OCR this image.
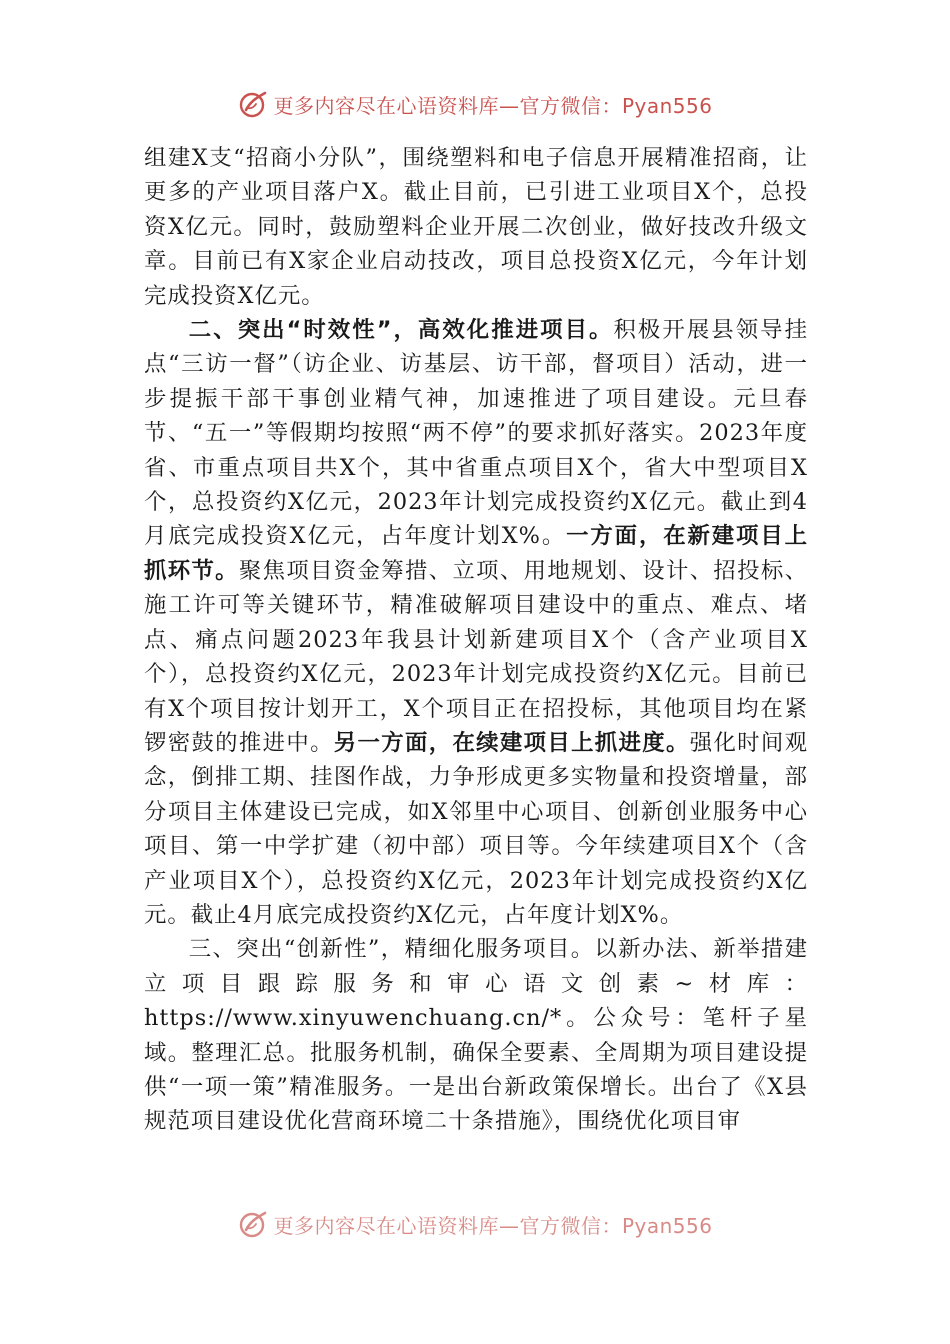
更多内容尽在心语资料库—官方微信：Pyan556

组建X支“招商小分队”，围绕塑料和电子信息开展精准招商，让更多的产业项目落户X。截止目前，已引进工业项目X个，总投资X亿元。同时，鼓励塑料企业开展二次创业，做好技改升级文章。目前已有X家企业启动技改，项目总投资X亿元，今年计划完成投资X亿元。

二、突出“时效性”，高效化推进项目。积极开展县领导挂点“三访一督”（访企业、访基层、访干部，督项目）活动，进一步提振干部干事创业精气神，加速推进了项目建设。元旦春节、“五一”等假期均按照“两不停”的要求抓好落实。2023年度省、市重点项目共X个，其中省重点项目X个，省大中型项目X个，总投资约X亿元，2023年计划完成投资约X亿元。截止到4月底完成投资X亿元，占年度计划X%。一方面，在新建项目上抓环节。聚焦项目资金筹措、立项、用地规划、设计、招投标、施工许可等关键环节，精准破解项目建设中的重点、难点、堵点、痛点问题2023年我县计划新建项目X个（含产业项目X个），总投资约X亿元，2023年计划完成投资约X亿元。目前已有X个项目按计划开工，X个项目正在招投标，其他项目均在紧锣密鼓的推进中。另一方面，在续建项目上抓进度。强化时间观念，倒排工期、挂图作战，力争形成更多实物量和投资增量，部分项目主体建设已完成，如X邻里中心项目、创新创业服务中心项目、第一中学扩建（初中部）项目等。今年续建项目X个（含产业项目X个），总投资约X亿元，2023年计划完成投资约X亿元。截止4月底完成投资约X亿元，占年度计划X%。

三、突出“创新性”，精细化服务项目。以新办法、新举措建立项目跟踪服务和审心语文创素~材库：https://www.xinyuwenchuang.cn/*。公众号：笔杆子星域。整理汇总。批服务机制，确保全要素、全周期为项目建设提供“一项一策”精准服务。一是出台新政策保增长。出台了《X县规范项目建设优化营商环境二十条措施》，围绕优化项目审

更多内容尽在心语资料库—官方微信：Pyan556
